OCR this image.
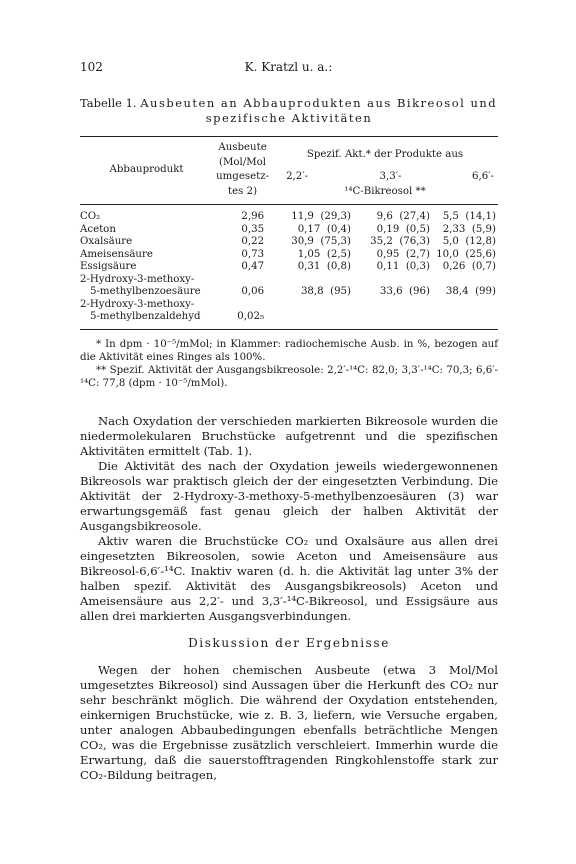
102	K. Kratzl u. a.:
Tabelle 1. Ausbeuten an Abbauprodukten aus Bikreosol und
spezifische Aktivitäten

Abbauprodukt	Ausbeute	Spezif. Akt.* der Produkte aus		
	(Mol/Mol			
	umgesetz-	2,2′-	3,3′-	6,6′-
	tes 2)	¹⁴C-Bikreosol **		

CO₂	2,96	11,9  (29,3)	9,6  (27,4)	5,5  (14,1)
Aceton	0,35	0,17  (0,4)	0,19  (0,5)	2,33  (5,9)
Oxalsäure	0,22	30,9  (75,3)	35,2  (76,3)	5,0  (12,8)
Ameisensäure	0,73	1,05  (2,5)	0,95  (2,7)	10,0  (25,6)
Essigsäure	0,47	0,31  (0,8)	0,11  (0,3)	0,26  (0,7)
2-Hydroxy-3-methoxy-				
5-methylbenzoesäure	0,06	38,8  (95)	33,6  (96)	38,4  (99)
2-Hydroxy-3-methoxy-				
5-methylbenzaldehyd	0,02₅			

* In dpm · 10⁻⁵/mMol; in Klammer: radiochemische Ausb. in %, bezogen auf die Aktivität eines Ringes als 100%.

** Spezif. Aktivität der Ausgangsbikreosole: 2,2′-¹⁴C: 82,0; 3,3′-¹⁴C: 70,3; 6,6′-¹⁴C: 77,8 (dpm · 10⁻⁵/mMol).

Nach Oxydation der verschieden markierten Bikreosole wurden die niedermolekularen Bruchstücke aufgetrennt und die spezifischen Aktivitäten ermittelt (Tab. 1).

Die Aktivität des nach der Oxydation jeweils wiedergewonnenen Bikreosols war praktisch gleich der der eingesetzten Verbindung. Die Aktivität der 2-Hydroxy-3-methoxy-5-methylbenzoesäuren (3) war erwartungsgemäß fast genau gleich der halben Aktivität der Ausgangsbikreosole.

Aktiv waren die Bruchstücke CO₂ und Oxalsäure aus allen drei eingesetzten Bikreosolen, sowie Aceton und Ameisensäure aus Bikreosol-6,6′-¹⁴C. Inaktiv waren (d. h. die Aktivität lag unter 3% der halben spezif. Aktivität des Ausgangsbikreosols) Aceton und Ameisensäure aus 2,2′- und 3,3′-¹⁴C-Bikreosol, und Essigsäure aus allen drei markierten Ausgangsverbindungen.

Diskussion der Ergebnisse

Wegen der hohen chemischen Ausbeute (etwa 3 Mol/Mol umgesetztes Bikreosol) sind Aussagen über die Herkunft des CO₂ nur sehr beschränkt möglich. Die während der Oxydation entstehenden, einkernigen Bruchstücke, wie z. B. 3, liefern, wie Versuche ergaben, unter analogen Abbaubedingungen ebenfalls beträchtliche Mengen CO₂, was die Ergebnisse zusätzlich verschleiert. Immerhin wurde die Erwartung, daß die sauerstofftragenden Ringkohlenstoffe stark zur CO₂-Bildung beitragen,
